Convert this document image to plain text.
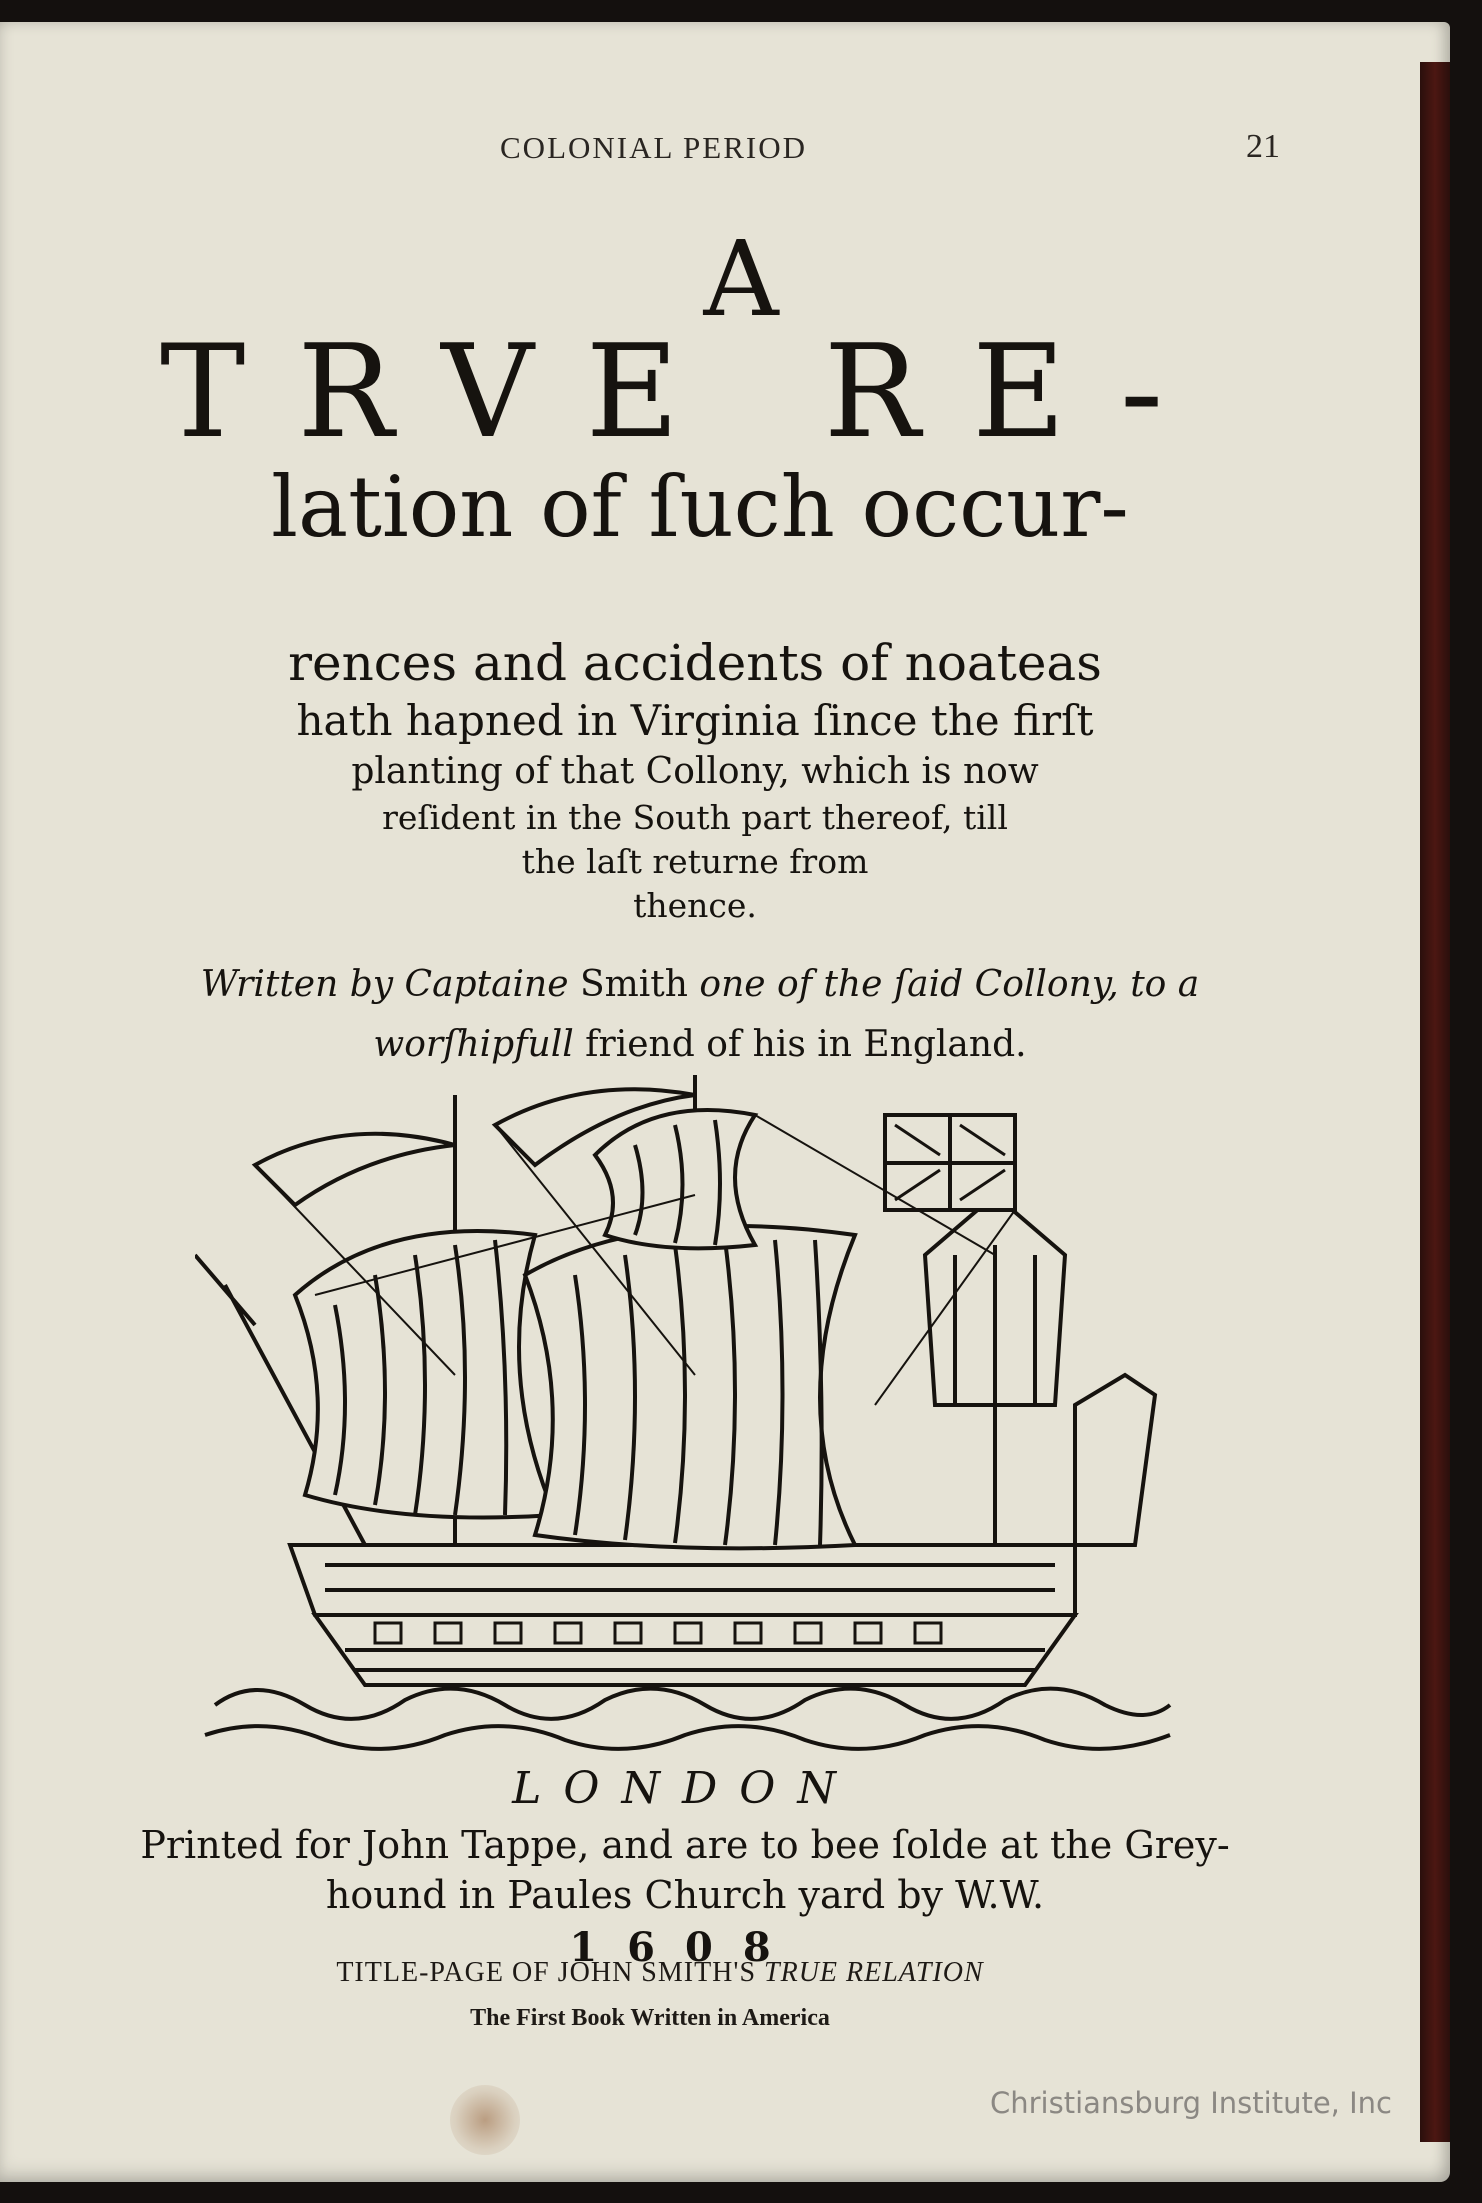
COLONIAL PERIOD	21
A
TRVE RE-
lation of ſuch occur-
rences and accidents of noateas
hath hapned in Virginia ſince the firſt
planting of that Collony, which is now
reſident in the South part thereof, till
the laſt returne from
thence.
Written by Captaine Smith one of the ſaid Collony, to a
worſhipfull friend of his in England.
LONDON
Printed for John Tappe, and are to bee ſolde at the Grey-
hound in Paules Church yard by W.W.
1608
TITLE-PAGE OF JOHN SMITH'S TRUE RELATION
The First Book Written in America
Christiansburg Institute, Inc
